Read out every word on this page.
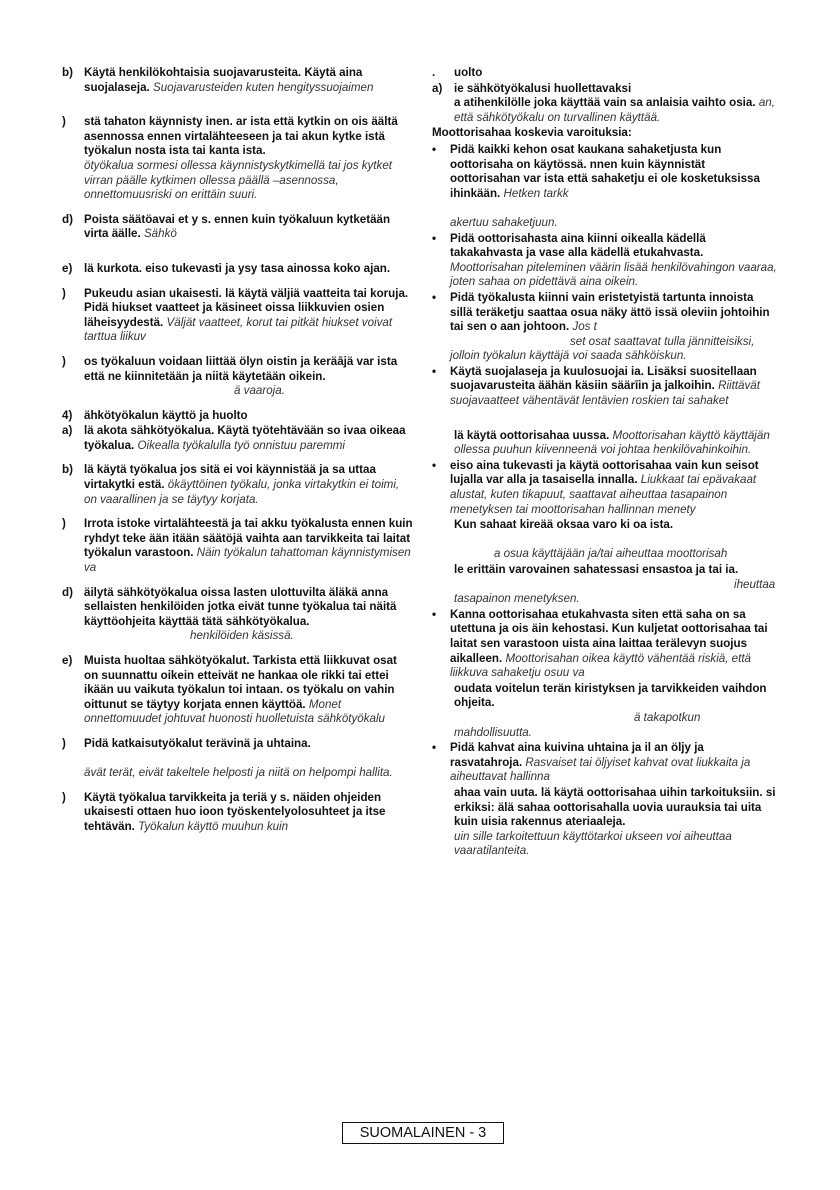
b) Käytä henkilökohtaisia suojavarusteita. Käytä aina suojalaseja. Suojavarusteiden kuten hengityssuojaimen
)	stä tahaton käynnisty inen. ar ista että kytkin on ois äältä asennossa ennen virtalähteeseen ja tai akun kytke istä työkalun nosta ista tai kanta ista.
ötyökalua sormesi ollessa käynnistyskytkimellä tai jos kytket virran päälle kytkimen ollessa päällä –asennossa, onnettomuusriski on erittäin suuri.
d) Poista säätöavai et y s. ennen kuin työkaluun kytketään virta äälle. Sähkö
e)	lä kurkota. eiso tukevasti ja ysy tasa ainossa koko ajan.
)	Pukeudu asian ukaisesti. lä käytä väljiä vaatteita tai koruja. Pidä hiukset vaatteet ja käsineet oissa liikkuvien osien läheisyydestä. Väljät vaatteet, korut tai pitkät hiukset voivat tarttua liikuv
)	os työkaluun voidaan liittää ölyn oistin ja keräājä var ista että ne kiinnitetään ja niitä käytetään oikein.
ä vaaroja.
4)	ähkötyökalun käyttö ja huolto
a)	lä akota sähkötyökalua. Käytä työtehtävään so ivaa oikeaa työkalua. Oikealla työkalulla työ onnistuu paremmi
b) lä käytä työkalua jos sitä ei voi käynnistää ja sa uttaa virtakytki estä. ökäyttöinen työkalu, jonka virtakytkin ei toimi, on vaarallinen ja se täytyy korjata.
)	Irrota istoke virtalähteestä ja tai akku työkalusta ennen kuin ryhdyt teke ään itään säätöjä vaihta aan tarvikkeita tai laitat työkalun varastoon. Näin työkalun tahattoman käynnistymisen va
d) äilytä sähkötyökalua oissa lasten ulottuvilta äläkä anna sellaisten henkilöiden jotka eivät tunne työkalua tai näitä käyttöohjeita käyttää tätä sähkötyökalua.
henkilöiden käsissä.
e)	Muista huoltaa sähkötyökalut. Tarkista että liikkuvat osat on suunnattu oikein etteivät ne hankaa ole rikki tai ettei ikään uu vaikuta työkalun toi intaan. os työkalu on vahin oittunut se täytyy korjata ennen käyttöä. Monet onnettomuudet johtuvat huonosti huolletuista sähkötyökalu
)	Pidä katkaisutyökalut terävinä ja uhtaina.

ävät terät, eivät takeltele helposti ja niitä on helpompi hallita.
)	Käytä työkalua tarvikkeita ja teriä y s. näiden ohjeiden ukaisesti ottaen huo ioon työskentelyolosuhteet ja itse tehtävän. Työkalun käyttö muuhun kuin
.	uolto
a)	ie sähkötyökalusi huollettavaksi
a atihenkilölle joka käyttää vain sa anlaisia vaihto osia. an, että sähkötyökalu on turvallinen käyttää.
Moottorisahaa koskevia varoituksia:
•	Pidä kaikki kehon osat kaukana sahaketjusta kun oottorisaha on käytössä. nnen kuin käynnistät oottorisahan var ista että sahaketju ei ole kosketuksissa ihinkään. Hetken tarkk

akertuu sahaketjuun.
•	Pidä oottorisahasta aina kiinni oikealla kädellä takakahvasta ja vase alla kädellä etukahvasta. Moottorisahan piteleminen väärin lisää henkilövahingon vaaraa, joten sahaa on pidettävä aina oikein.
•	Pidä työkalusta kiinni vain eristetyistä tartunta innoista sillä teräketju saattaa osua näky ättö issä oleviin johtoihin tai sen o aan johtoon. Jos t
set osat saattavat tulla jännitteisiksi, jolloin työkalun käyttäjä voi saada sähköiskun.
•	Käytä suojalaseja ja kuulosuojai ia. Lisäksi suositellaan suojavarusteita äähän käsiin säärīin ja jalkoihin. Riittävät suojavaatteet vähentävät lentävien roskien tai sahaket
lä käytä oottorisahaa uussa. Moottorisahan käyttö käyttäjän ollessa puuhun kiivenneenä voi johtaa henkilövahinkoihin.
•	eiso aina tukevasti ja käytä oottorisahaa vain kun seisot lujalla var alla ja tasaisella innalla. Liukkaat tai epävakaat alustat, kuten tikapuut, saattavat aiheuttaa tasapainon menetyksen tai moottorisahan hallinnan menety
Kun sahaat kireää oksaa varo ki oa ista.

a osua käyttäjään ja/tai aiheuttaa moottorisah
le erittäin varovainen sahatessasi ensastoa ja tai ia.
iheuttaa tasapainon menetyksen.
•	Kanna oottorisahaa etukahvasta siten että saha on sa utettuna ja ois äin kehostasi. Kun kuljetat oottorisahaa tai laitat sen varastoon uista aina laittaa terälevyn suojus aikalleen. Moottorisahan oikea käyttö vähentää riskiä, että liikkuva sahaketju osuu va
oudata voitelun terän kiristyksen ja tarvikkeiden vaihdon ohjeita.
ä takapotkun mahdollisuutta.
•	Pidä kahvat aina kuivina uhtaina ja il an öljy ja rasvatahroja. Rasvaiset tai öljyiset kahvat ovat liukkaita ja aiheuttavat hallinna
ahaa vain uuta. lä käytä oottorisahaa uihin tarkoituksiin. si erkiksi: älä sahaa oottorisahalla uovia uurauksia tai uita kuin uisia rakennus ateriaaleja.
uin sille tarkoitettuun käyttötarkoi ukseen voi aiheuttaa vaaratilanteita.
SUOMALAINEN - 3
